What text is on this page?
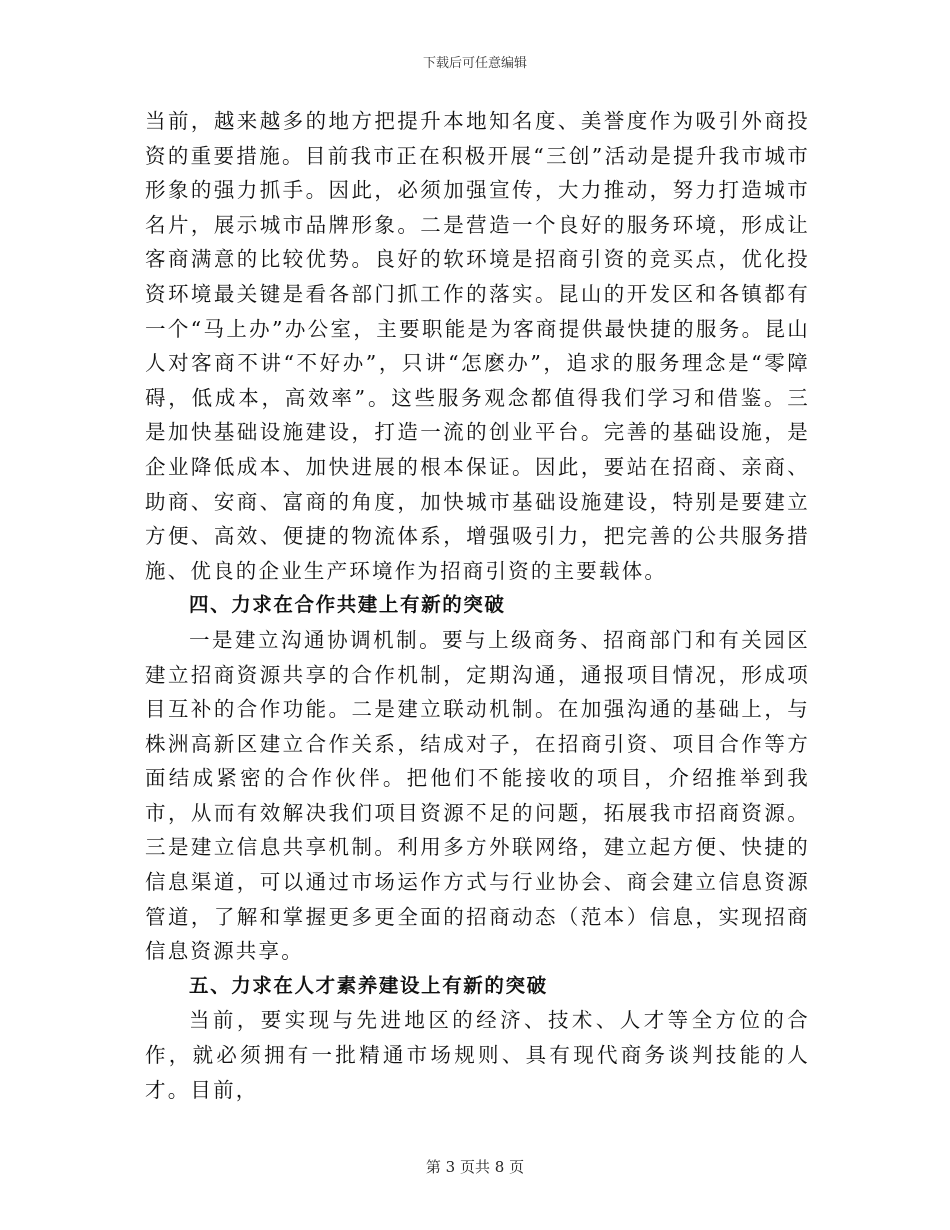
下载后可任意编辑

当前，越来越多的地方把提升本地知名度、美誉度作为吸引外商投资的重要措施。目前我市正在积极开展“三创”活动是提升我市城市形象的强力抓手。因此，必须加强宣传，大力推动，努力打造城市名片，展示城市品牌形象。二是营造一个良好的服务环境，形成让客商满意的比较优势。良好的软环境是招商引资的竞买点，优化投资环境最关键是看各部门抓工作的落实。昆山的开发区和各镇都有一个“马上办”办公室，主要职能是为客商提供最快捷的服务。昆山人对客商不讲“不好办”，只讲“怎麽办”，追求的服务理念是“零障碍，低成本，高效率”。这些服务观念都值得我们学习和借鉴。三是加快基础设施建设，打造一流的创业平台。完善的基础设施，是企业降低成本、加快进展的根本保证。因此，要站在招商、亲商、助商、安商、富商的角度，加快城市基础设施建设，特别是要建立方便、高效、便捷的物流体系，增强吸引力，把完善的公共服务措施、优良的企业生产环境作为招商引资的主要载体。

四、力求在合作共建上有新的突破

一是建立沟通协调机制。要与上级商务、招商部门和有关园区建立招商资源共享的合作机制，定期沟通，通报项目情况，形成项目互补的合作功能。二是建立联动机制。在加强沟通的基础上，与株洲高新区建立合作关系，结成对子，在招商引资、项目合作等方面结成紧密的合作伙伴。把他们不能接收的项目，介绍推举到我市，从而有效解决我们项目资源不足的问题，拓展我市招商资源。三是建立信息共享机制。利用多方外联网络，建立起方便、快捷的信息渠道，可以通过市场运作方式与行业协会、商会建立信息资源管道，了解和掌握更多更全面的招商动态（范本）信息，实现招商信息资源共享。

五、力求在人才素养建设上有新的突破

当前，要实现与先进地区的经济、技术、人才等全方位的合作，就必须拥有一批精通市场规则、具有现代商务谈判技能的人才。目前，

第 3 页共 8 页
